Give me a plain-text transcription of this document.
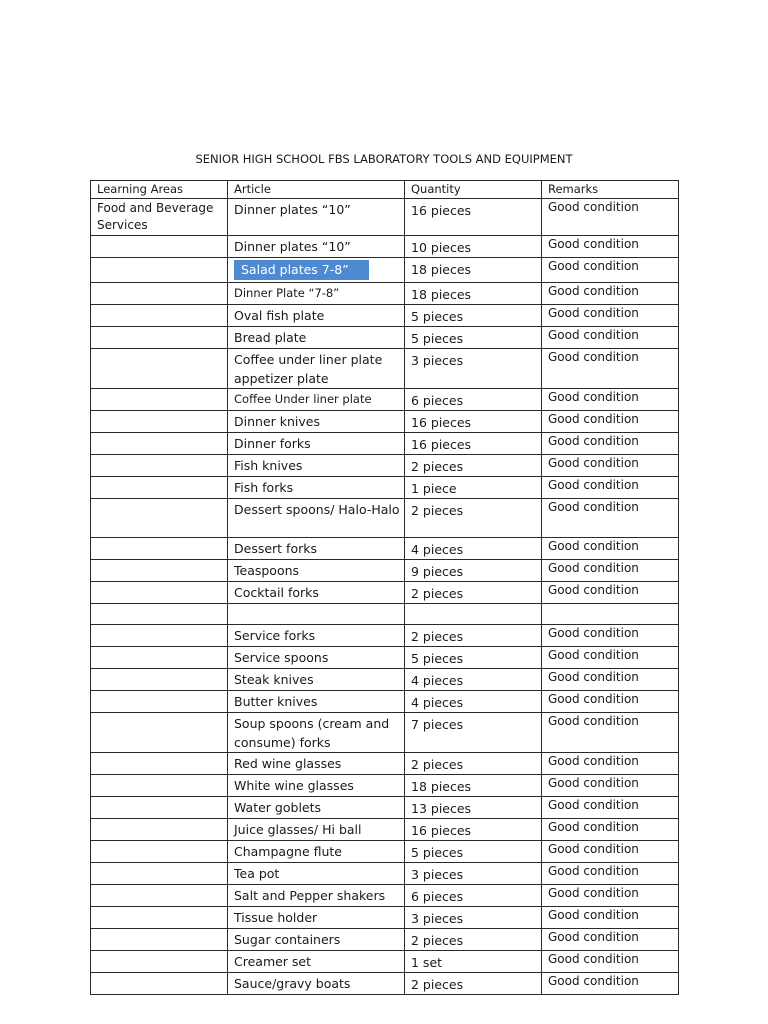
SENIOR HIGH SCHOOL FBS LABORATORY TOOLS AND EQUIPMENT
Learning Areas	Article	Quantity	Remarks
Food and Beverage Services	Dinner plates “10”	16 pieces	Good condition
	Dinner plates “10”	10 pieces	Good condition
	Salad plates 7-8”	18 pieces	Good condition
	Dinner Plate “7-8”	18 pieces	Good condition
	Oval fish plate	5 pieces	Good condition
	Bread plate	5 pieces	Good condition
	Coffee under liner plate appetizer plate	3 pieces	Good condition
	Coffee Under liner plate	6 pieces	Good condition
	Dinner knives	16 pieces	Good condition
	Dinner forks	16 pieces	Good condition
	Fish knives	2 pieces	Good condition
	Fish forks	1 piece	Good condition
	Dessert spoons/ Halo-Halo	2 pieces	Good condition
	Dessert forks	4 pieces	Good condition
	Teaspoons	9 pieces	Good condition
	Cocktail forks	2 pieces	Good condition

	Service forks	2 pieces	Good condition
	Service spoons	5 pieces	Good condition
	Steak knives	4 pieces	Good condition
	Butter knives	4 pieces	Good condition
	Soup spoons (cream and consume) forks	7 pieces	Good condition
	Red wine glasses	2 pieces	Good condition
	White wine glasses	18 pieces	Good condition
	Water goblets	13 pieces	Good condition
	Juice glasses/ Hi ball	16 pieces	Good condition
	Champagne flute	5 pieces	Good condition
	Tea pot	3 pieces	Good condition
	Salt and Pepper shakers	6 pieces	Good condition
	Tissue holder	3 pieces	Good condition
	Sugar containers	2 pieces	Good condition
	Creamer set	1 set	Good condition
	Sauce/gravy boats	2 pieces	Good condition
